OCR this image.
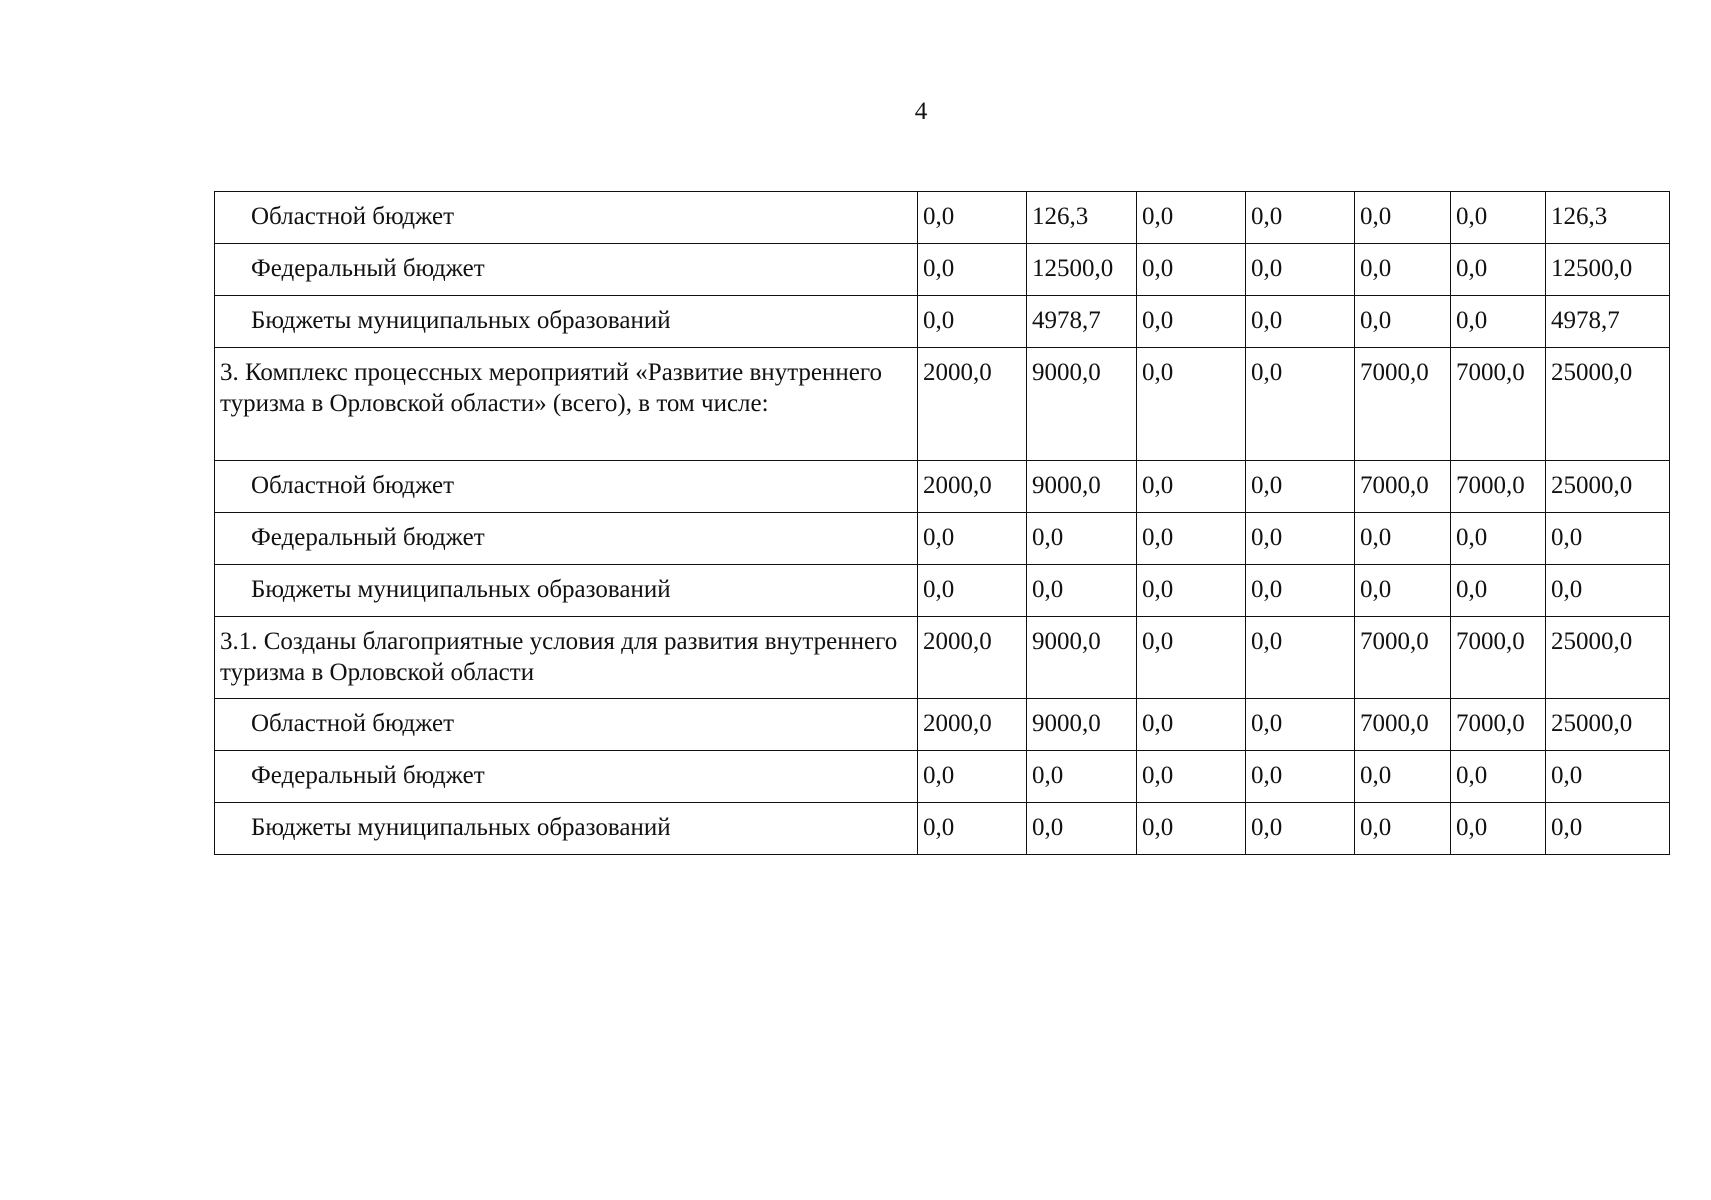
4
Областной бюджет	0,0	126,3	0,0	0,0	0,0	0,0	126,3
Федеральный бюджет	0,0	12500,0	0,0	0,0	0,0	0,0	12500,0
Бюджеты муниципальных образований	0,0	4978,7	0,0	0,0	0,0	0,0	4978,7
3. Комплекс процессных мероприятий «Развитие внутреннего туризма в Орловской области» (всего), в том числе:	2000,0	9000,0	0,0	0,0	7000,0	7000,0	25000,0
Областной бюджет	2000,0	9000,0	0,0	0,0	7000,0	7000,0	25000,0
Федеральный бюджет	0,0	0,0	0,0	0,0	0,0	0,0	0,0
Бюджеты муниципальных образований	0,0	0,0	0,0	0,0	0,0	0,0	0,0
3.1. Созданы благоприятные условия для развития внутреннего туризма в Орловской области	2000,0	9000,0	0,0	0,0	7000,0	7000,0	25000,0
Областной бюджет	2000,0	9000,0	0,0	0,0	7000,0	7000,0	25000,0
Федеральный бюджет	0,0	0,0	0,0	0,0	0,0	0,0	0,0
Бюджеты муниципальных образований	0,0	0,0	0,0	0,0	0,0	0,0	0,0
